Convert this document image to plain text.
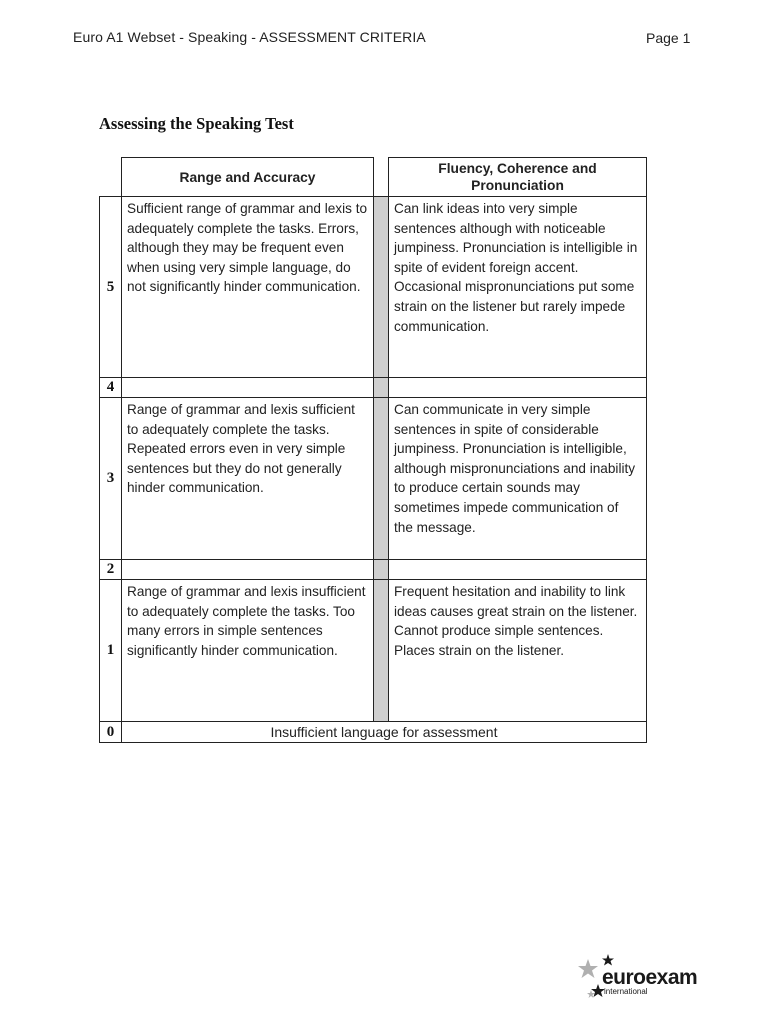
Euro A1 Webset - Speaking - ASSESSMENT CRITERIA	Page 1
Assessing the Speaking Test
Range and Accuracy
Fluency, Coherence and Pronunciation
5
Sufficient range of grammar and lexis to adequately complete the tasks. Errors, although they may be frequent even when using very simple language, do not significantly hinder communication.
Can link ideas into very simple sentences although with noticeable jumpiness. Pronunciation is intelligible in spite of evident foreign accent. Occasional mispronunciations put some strain on the listener but rarely impede communication.
4
3
Range of grammar and lexis sufficient to adequately complete the tasks. Repeated errors even in very simple sentences but they do not generally hinder communication.
Can communicate in very simple sentences in spite of considerable jumpiness. Pronunciation is intelligible, although mispronunciations and inability to produce certain sounds may sometimes impede communication of the message.
2
1
Range of grammar and lexis insufficient to adequately complete the tasks. Too many errors in simple sentences significantly hinder communication.
Frequent hesitation and inability to link ideas causes great strain on the listener. Cannot produce simple sentences. Places strain on the listener.
0	Insufficient language for assessment
euroexam
international
